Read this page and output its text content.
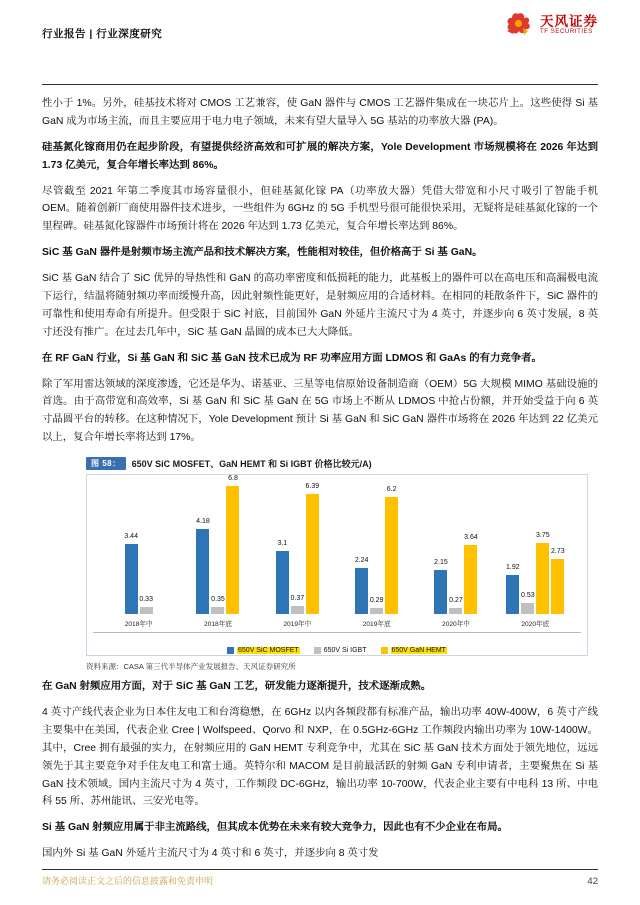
行业报告 | 行业深度研究
天风证券
TF SECURITIES

性小于 1%。另外，硅基技术将对 CMOS 工艺兼容，使 GaN 器件与 CMOS 工艺器件集成在一块芯片上。这些使得 Si 基 GaN 成为市场主流，而且主要应用于电力电子领域，未来有望大量导入 5G 基站的功率放大器 (PA)。

硅基氮化镓商用仍在起步阶段，有望提供经济高效和可扩展的解决方案，Yole Development 市场规模将在 2026 年达到 1.73 亿美元，复合年增长率达到 86%。

尽管截至 2021 年第二季度其市场容量很小，但硅基氮化镓 PA（功率放大器）凭借大带宽和小尺寸吸引了智能手机 OEM。随着创新厂商使用器件技术进步，一些组件为 6GHz 的 5G 手机型号很可能很快采用，无疑将是硅基氮化镓的一个里程碑。硅基氮化镓器件市场预计将在 2026 年达到 1.73 亿美元，复合年增长率达到 86%。

SiC 基 GaN 器件是射频市场主流产品和技术解决方案，性能相对较佳，但价格高于 Si 基 GaN。

SiC 基 GaN 结合了 SiC 优异的导热性和 GaN 的高功率密度和低损耗的能力，此基板上的器件可以在高电压和高漏极电流下运行，结温将随射频功率而缓慢升高，因此射频性能更好，是射频应用的合适材料。在相同的耗散条件下，SiC 器件的可靠性和使用寿命有所提升。但受限于 SiC 衬底，目前国外 GaN 外延片主流尺寸为 4 英寸，并逐步向 6 英寸发展，8 英寸还没有推广。在过去几年中，SiC 基 GaN 晶圆的成本已大大降低。

在 RF GaN 行业，Si 基 GaN 和 SiC 基 GaN 技术已成为 RF 功率应用方面 LDMOS 和 GaAs 的有力竞争者。

除了军用雷达领域的深度渗透，它还是华为、诺基亚、三星等电信原始设备制造商（OEM）5G 大规模 MIMO 基础设施的首选。由于高带宽和高效率，Si 基 GaN 和 SiC 基 GaN 在 5G 市场上不断从 LDMOS 中抢占份额，并开始受益于向 6 英寸晶圆平台的转移。在这种情况下，Yole Development 预计 Si 基 GaN 和 SiC GaN 器件市场将在 2026 年达到 22 亿美元以上，复合年增长率将达到 17%。

图 58：	650V SiC MOSFET、GaN HEMT 和 Si IGBT 价格比较元/A)
3.44
0.33
2018年中
4.18
0.35
6.8
2018年底
3.1
0.37
6.39
2019年中
2.24
0.29
6.2
2019年底
2.15
0.27
3.64
2020年中
1.92
0.53
3.75
2.73
2020年底
650V SiC MOSFET	650V Si IGBT	650V GaN HEMT
资料来源：CASA 第三代半导体产业发展报告、天风证券研究所

在 GaN 射频应用方面，对于 SiC 基 GaN 工艺，研发能力逐渐提升，技术逐渐成熟。

4 英寸产线代表企业为日本住友电工和台湾稳懋，在 6GHz 以内各频段都有标准产品，输出功率 40W-400W，6 英寸产线主要集中在美国，代表企业 Cree | Wolfspeed、Qorvo 和 NXP，在 0.5GHz-6GHz 工作频段内输出功率为 10W-1400W。其中，Cree 拥有最强的实力，在射频应用的 GaN HEMT 专利竞争中，尤其在 SiC 基 GaN 技术方面处于领先地位，远远领先于其主要竞争对手住友电工和富士通。英特尔和 MACOM 是目前最活跃的射频 GaN 专利申请者，主要聚焦在 Si 基 GaN 技术领域。国内主流尺寸为 4 英寸，工作频段 DC-6GHz，输出功率 10-700W，代表企业主要有中电科 13 所、中电科 55 所、苏州能讯、三安光电等。

Si 基 GaN 射频应用属于非主流路线，但其成本优势在未来有较大竞争力，因此也有不少企业在布局。

国内外 Si 基 GaN 外延片主流尺寸为 4 英寸和 6 英寸，并逐步向 8 英寸发

请务必阅读正文之后的信息披露和免责申明	42
